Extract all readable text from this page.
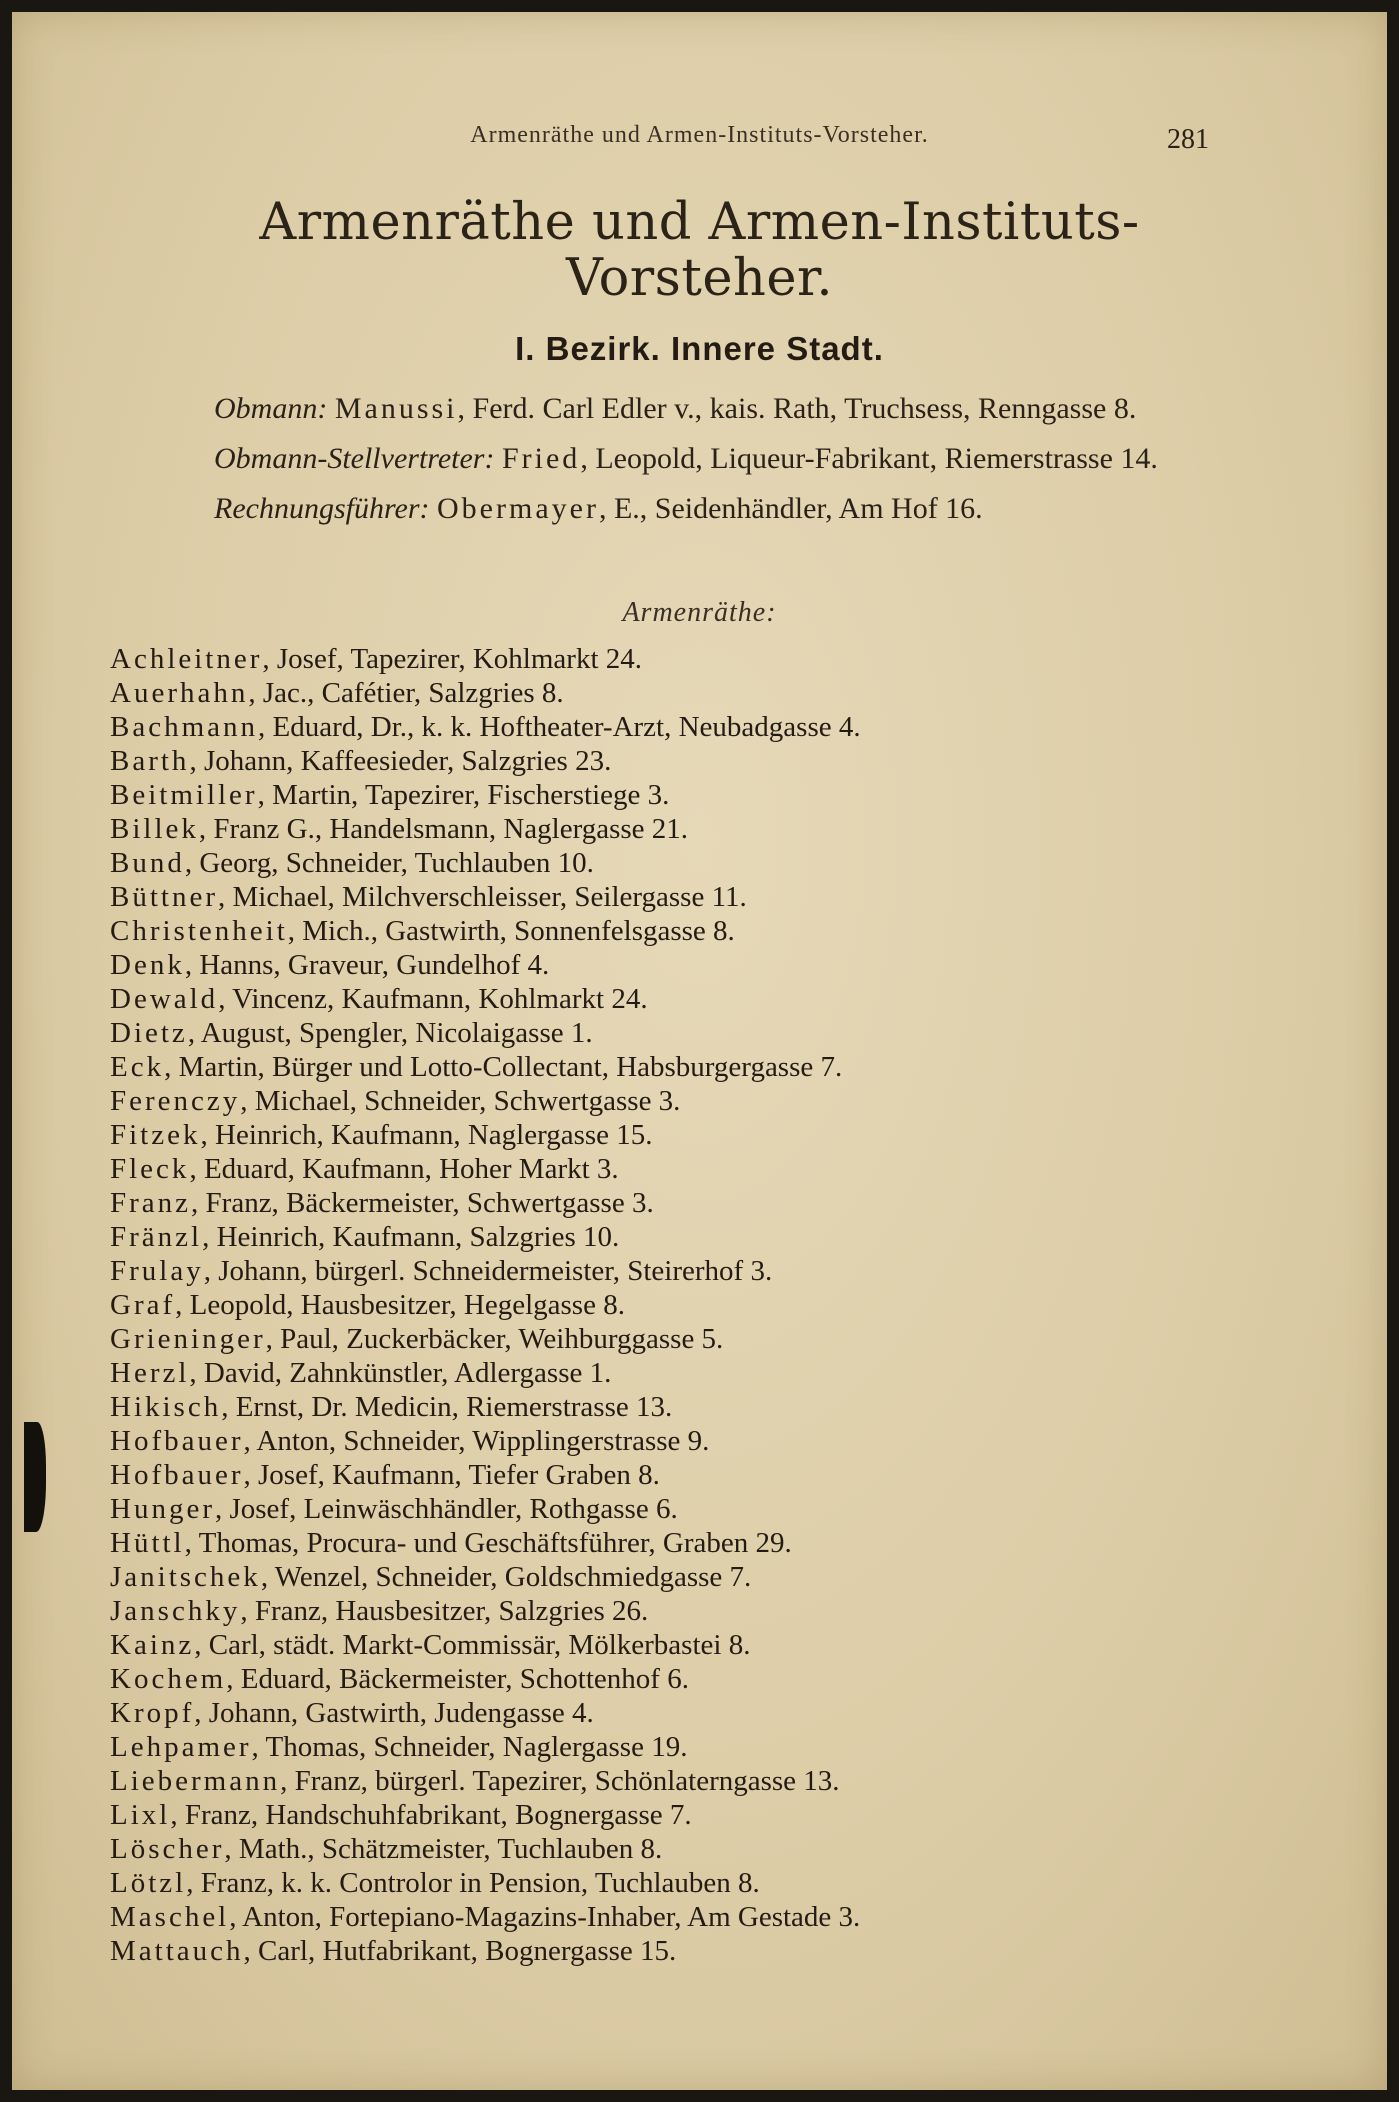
Armenräthe und Armen-Instituts-Vorsteher.	281
Armenräthe und Armen-Instituts-
Vorsteher.
I. Bezirk. Innere Stadt.
Obmann: Manussi, Ferd. Carl Edler v., kais. Rath, Truchsess, Renngasse 8.
Obmann-Stellvertreter: Fried, Leopold, Liqueur-Fabrikant, Riemerstrasse 14.
Rechnungsführer: Obermayer, E., Seidenhändler, Am Hof 16.
Armenräthe:
Achleitner, Josef, Tapezirer, Kohlmarkt 24.
Auerhahn, Jac., Cafétier, Salzgries 8.
Bachmann, Eduard, Dr., k. k. Hoftheater-Arzt, Neubadgasse 4.
Barth, Johann, Kaffeesieder, Salzgries 23.
Beitmiller, Martin, Tapezirer, Fischerstiege 3.
Billek, Franz G., Handelsmann, Naglergasse 21.
Bund, Georg, Schneider, Tuchlauben 10.
Büttner, Michael, Milchverschleisser, Seilergasse 11.
Christenheit, Mich., Gastwirth, Sonnenfelsgasse 8.
Denk, Hanns, Graveur, Gundelhof 4.
Dewald, Vincenz, Kaufmann, Kohlmarkt 24.
Dietz, August, Spengler, Nicolaigasse 1.
Eck, Martin, Bürger und Lotto-Collectant, Habsburgergasse 7.
Ferenczy, Michael, Schneider, Schwertgasse 3.
Fitzek, Heinrich, Kaufmann, Naglergasse 15.
Fleck, Eduard, Kaufmann, Hoher Markt 3.
Franz, Franz, Bäckermeister, Schwertgasse 3.
Fränzl, Heinrich, Kaufmann, Salzgries 10.
Frulay, Johann, bürgerl. Schneidermeister, Steirerhof 3.
Graf, Leopold, Hausbesitzer, Hegelgasse 8.
Grieninger, Paul, Zuckerbäcker, Weihburggasse 5.
Herzl, David, Zahnkünstler, Adlergasse 1.
Hikisch, Ernst, Dr. Medicin, Riemerstrasse 13.
Hofbauer, Anton, Schneider, Wipplingerstrasse 9.
Hofbauer, Josef, Kaufmann, Tiefer Graben 8.
Hunger, Josef, Leinwäschhändler, Rothgasse 6.
Hüttl, Thomas, Procura- und Geschäftsführer, Graben 29.
Janitschek, Wenzel, Schneider, Goldschmiedgasse 7.
Janschky, Franz, Hausbesitzer, Salzgries 26.
Kainz, Carl, städt. Markt-Commissär, Mölkerbastei 8.
Kochem, Eduard, Bäckermeister, Schottenhof 6.
Kropf, Johann, Gastwirth, Judengasse 4.
Lehpamer, Thomas, Schneider, Naglergasse 19.
Liebermann, Franz, bürgerl. Tapezirer, Schönlaterngasse 13.
Lixl, Franz, Handschuhfabrikant, Bognergasse 7.
Löscher, Math., Schätzmeister, Tuchlauben 8.
Lötzl, Franz, k. k. Controlor in Pension, Tuchlauben 8.
Maschel, Anton, Fortepiano-Magazins-Inhaber, Am Gestade 3.
Mattauch, Carl, Hutfabrikant, Bognergasse 15.
